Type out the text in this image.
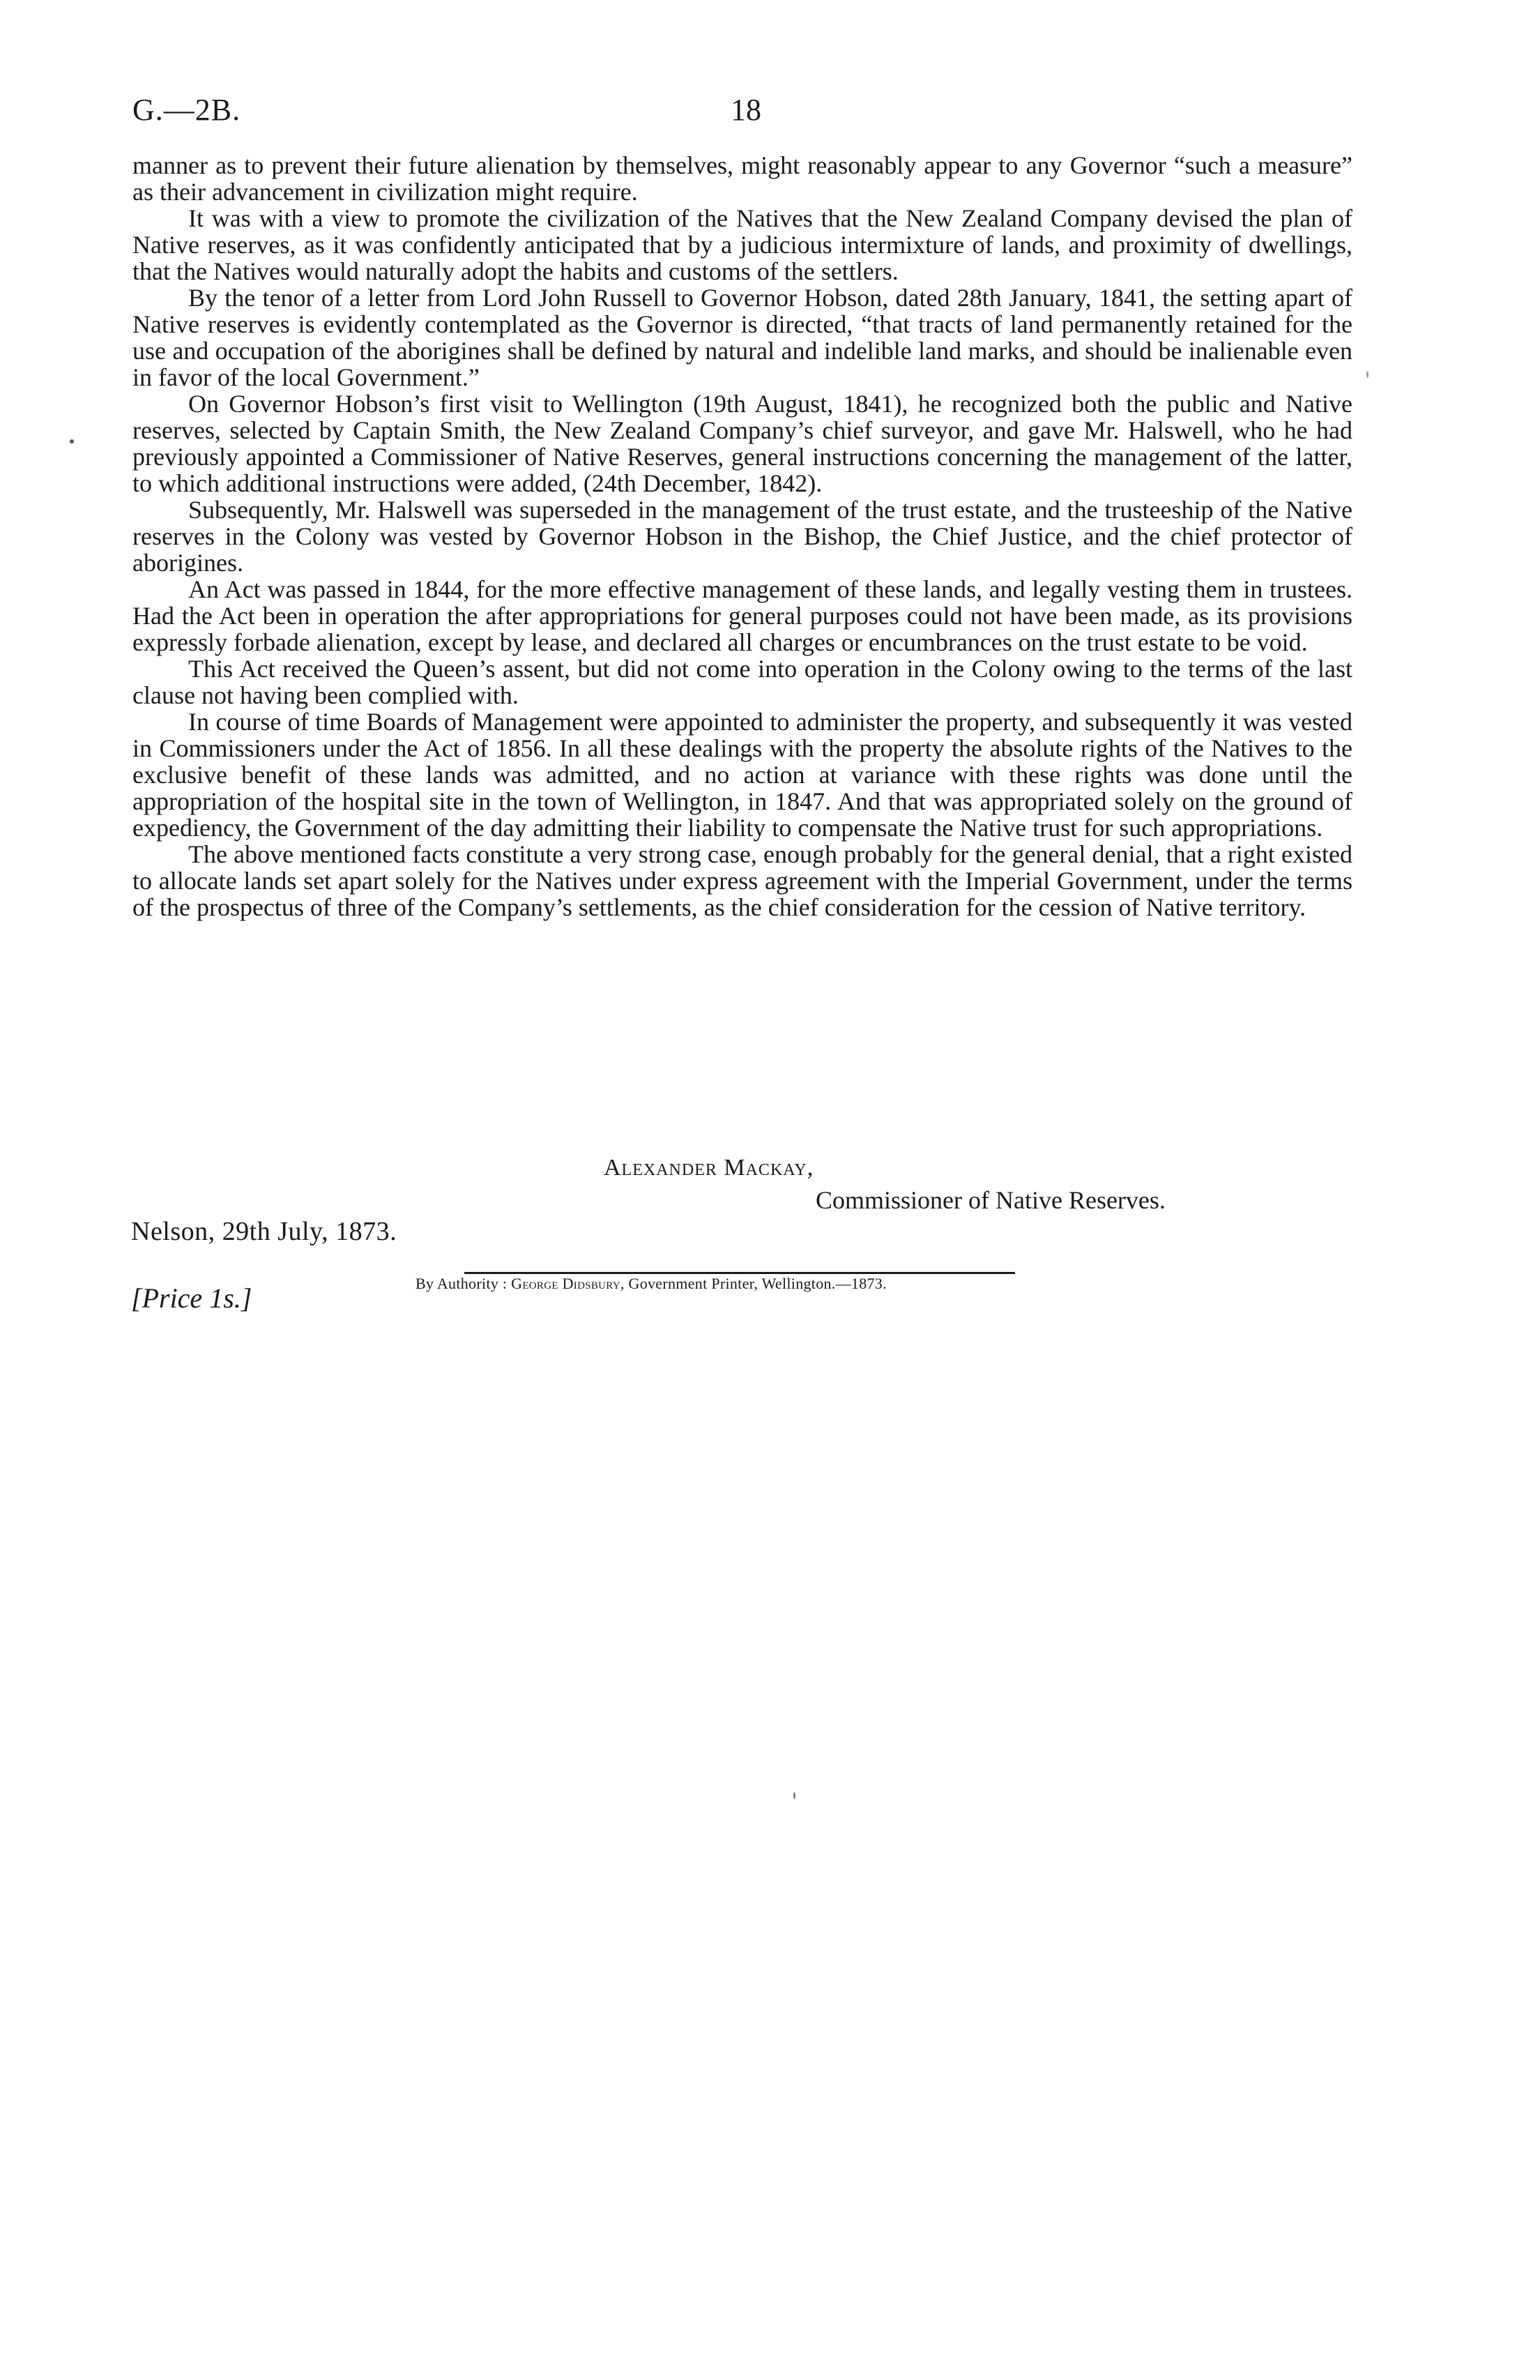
G.—2B.	18

manner as to prevent their future alienation by themselves, might reasonably appear to any Governor “such a measure” as their advancement in civilization might require.

It was with a view to promote the civilization of the Natives that the New Zealand Company devised the plan of Native reserves, as it was confidently anticipated that by a judicious intermixture of lands, and proximity of dwellings, that the Natives would naturally adopt the habits and customs of the settlers.

By the tenor of a letter from Lord John Russell to Governor Hobson, dated 28th January, 1841, the setting apart of Native reserves is evidently contemplated as the Governor is directed, “that tracts of land permanently retained for the use and occupation of the aborigines shall be defined by natural and indelible land marks, and should be inalienable even in favor of the local Government.”

On Governor Hobson’s first visit to Wellington (19th August, 1841), he recognized both the public and Native reserves, selected by Captain Smith, the New Zealand Company’s chief surveyor, and gave Mr. Halswell, who he had previously appointed a Commissioner of Native Reserves, general instructions concerning the management of the latter, to which additional instructions were added, (24th December, 1842).

Subsequently, Mr. Halswell was superseded in the management of the trust estate, and the trusteeship of the Native reserves in the Colony was vested by Governor Hobson in the Bishop, the Chief Justice, and the chief protector of aborigines.

An Act was passed in 1844, for the more effective management of these lands, and legally vesting them in trustees. Had the Act been in operation the after appropriations for general purposes could not have been made, as its provisions expressly forbade alienation, except by lease, and declared all charges or encumbrances on the trust estate to be void.

This Act received the Queen’s assent, but did not come into operation in the Colony owing to the terms of the last clause not having been complied with.

In course of time Boards of Management were appointed to administer the property, and subsequently it was vested in Commissioners under the Act of 1856. In all these dealings with the property the absolute rights of the Natives to the exclusive benefit of these lands was admitted, and no action at variance with these rights was done until the appropriation of the hospital site in the town of Wellington, in 1847. And that was appropriated solely on the ground of expediency, the Government of the day admitting their liability to compensate the Native trust for such appropriations.

The above mentioned facts constitute a very strong case, enough probably for the general denial, that a right existed to allocate lands set apart solely for the Natives under express agreement with the Imperial Government, under the terms of the prospectus of three of the Company’s settlements, as the chief consideration for the cession of Native territory.

Alexander Mackay,
Commissioner of Native Reserves.
Nelson, 29th July, 1873.
By Authority : George Didsbury, Government Printer, Wellington.—1873.
[Price 1s.]
